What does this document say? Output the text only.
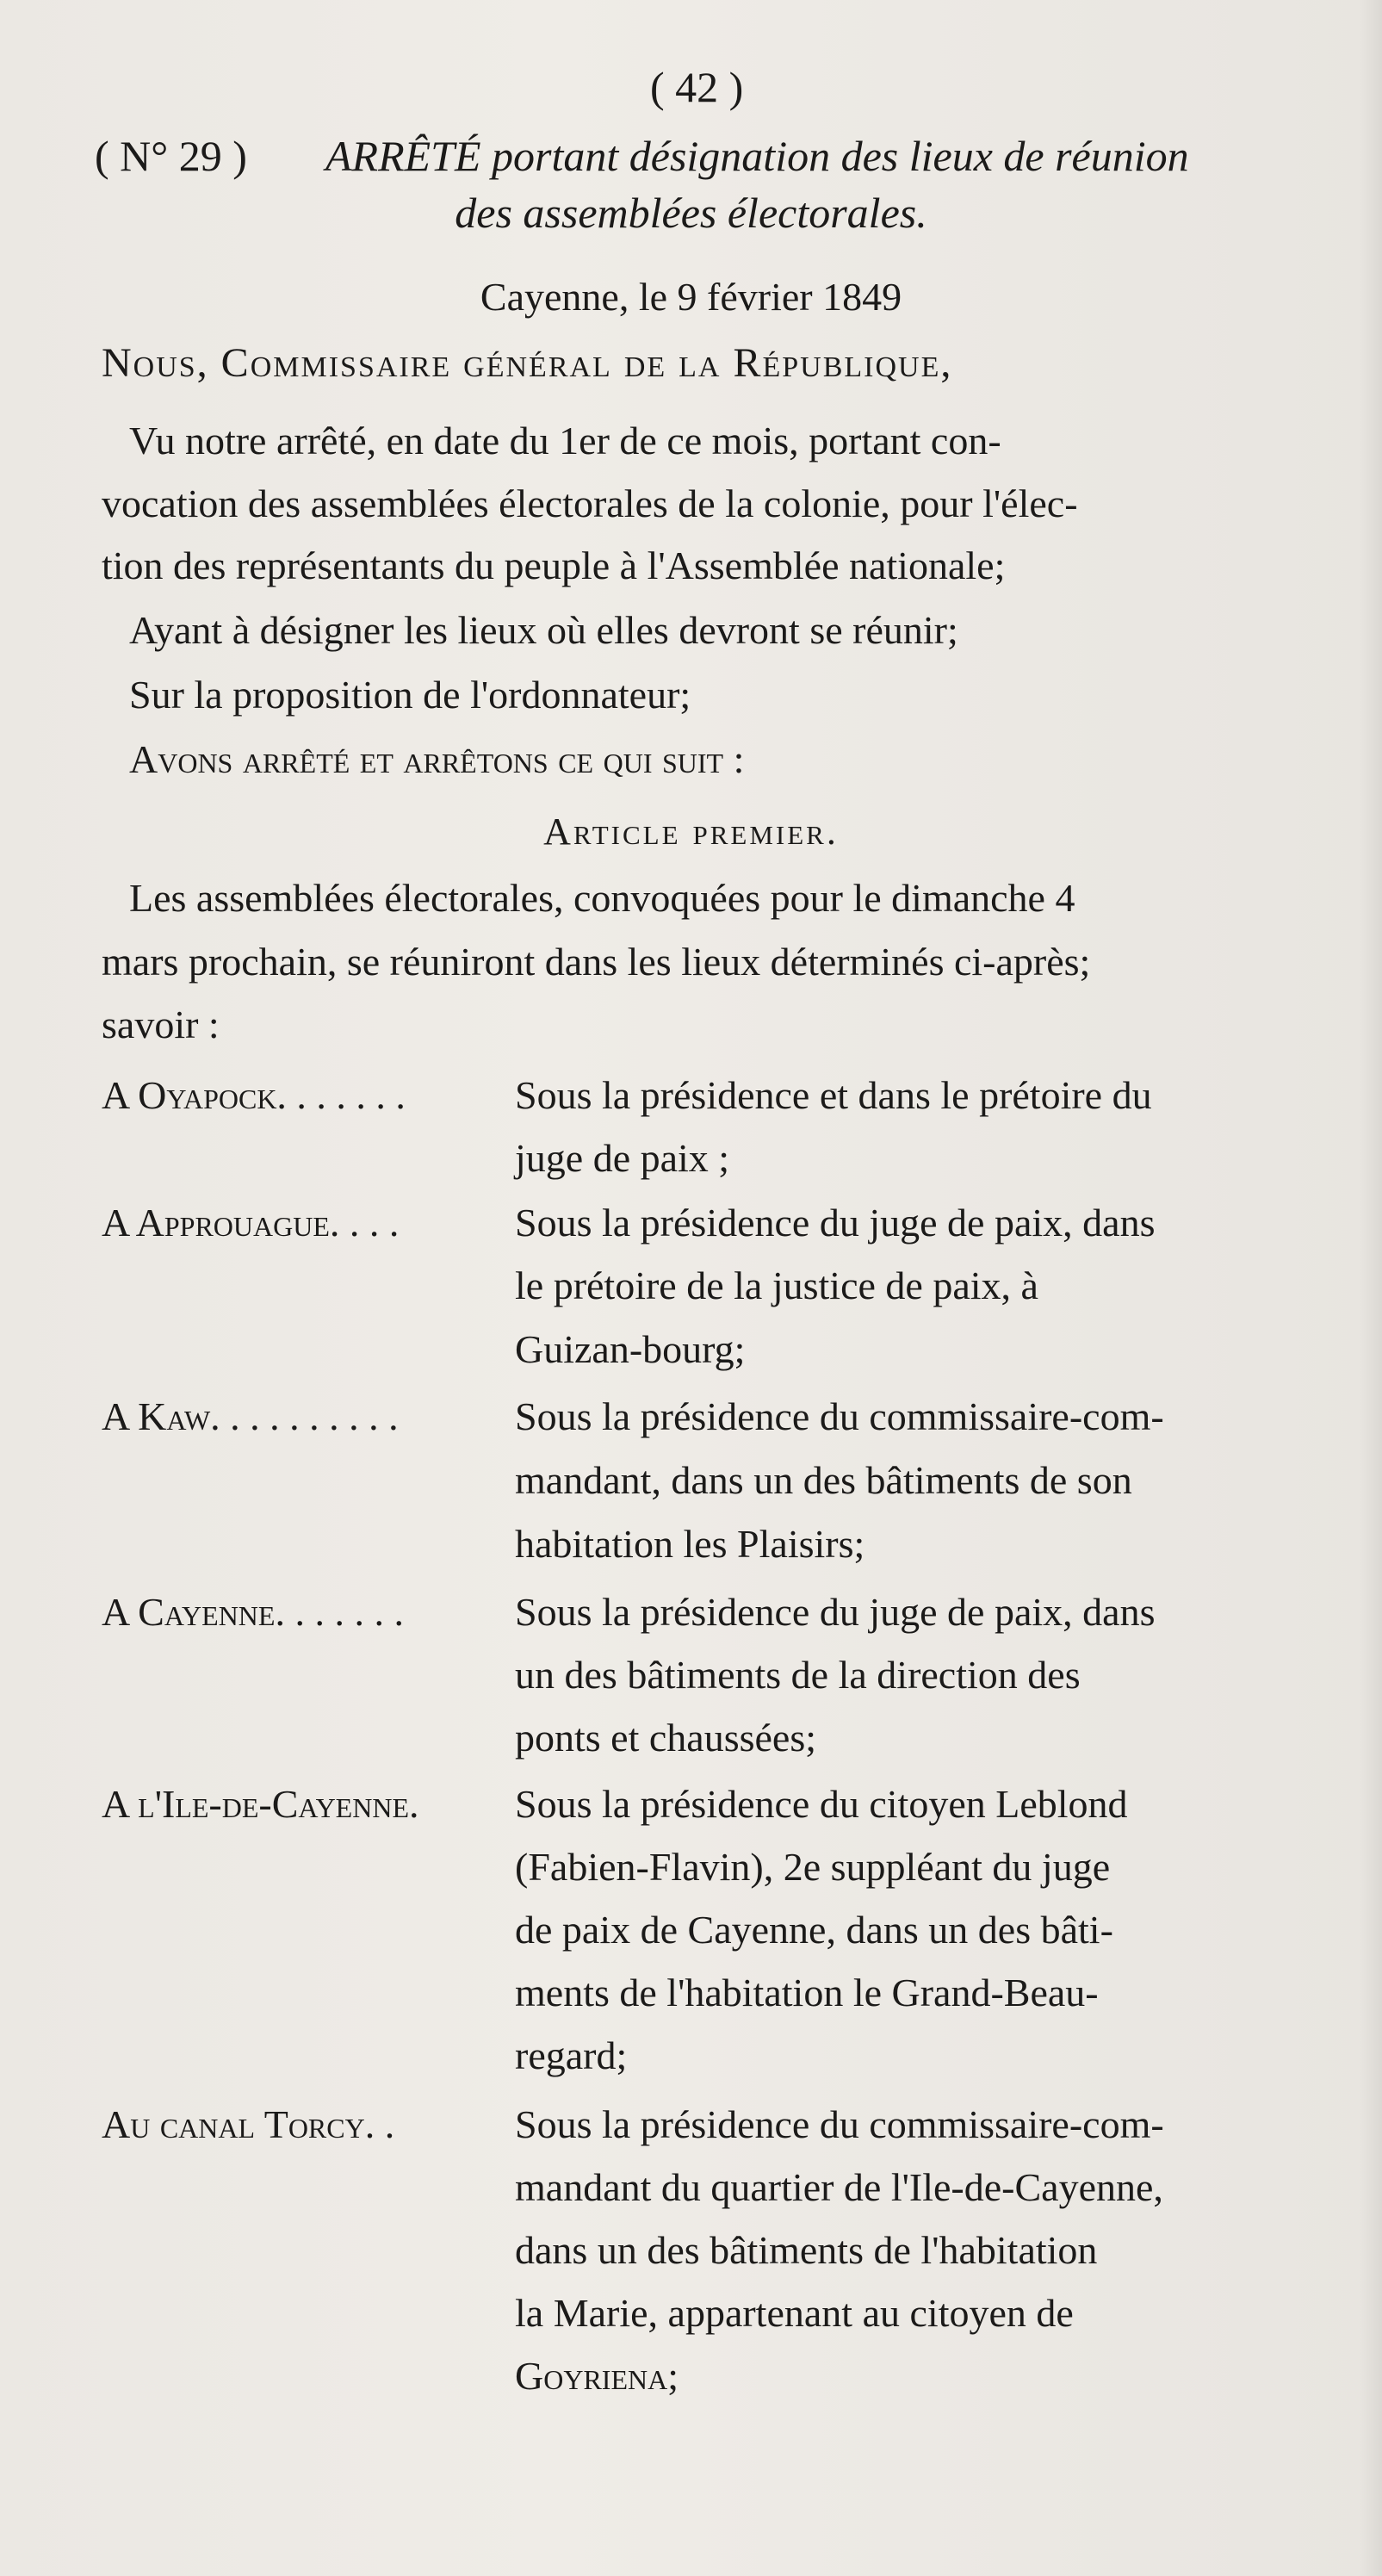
( 42 )
( N° 29 ) ARRÊTÉ portant désignation des lieux de réunion
des assemblées électorales.
Cayenne, le 9 février 1849
Nous, Commissaire général de la République,
Vu notre arrêté, en date du 1er de ce mois, portant con-
vocation des assemblées électorales de la colonie, pour l'élec-
tion des représentants du peuple à l'Assemblée nationale;
Ayant à désigner les lieux où elles devront se réunir;
Sur la proposition de l'ordonnateur;
Avons arrêté et arrêtons ce qui suit :
Article premier.
Les assemblées électorales, convoquées pour le dimanche 4
mars prochain, se réuniront dans les lieux déterminés ci-après;
savoir :
A Oyapock. . . . . . .	Sous la présidence et dans le prétoire du
juge de paix ;
A Approuague. . . .	Sous la présidence du juge de paix, dans
le prétoire de la justice de paix, à
Guizan-bourg;
A Kaw. . . . . . . . . .	Sous la présidence du commissaire-com-
mandant, dans un des bâtiments de son
habitation les Plaisirs;
A Cayenne. . . . . . .	Sous la présidence du juge de paix, dans
un des bâtiments de la direction des
ponts et chaussées;
A l'Ile-de-Cayenne. Sous la présidence du citoyen Leblond
(Fabien-Flavin), 2e suppléant du juge
de paix de Cayenne, dans un des bâti-
ments de l'habitation le Grand-Beau-
regard;
Au canal Torcy. .	Sous la présidence du commissaire-com-
mandant du quartier de l'Ile-de-Cayenne,
dans un des bâtiments de l'habitation
la Marie, appartenant au citoyen de
Goyriena;
